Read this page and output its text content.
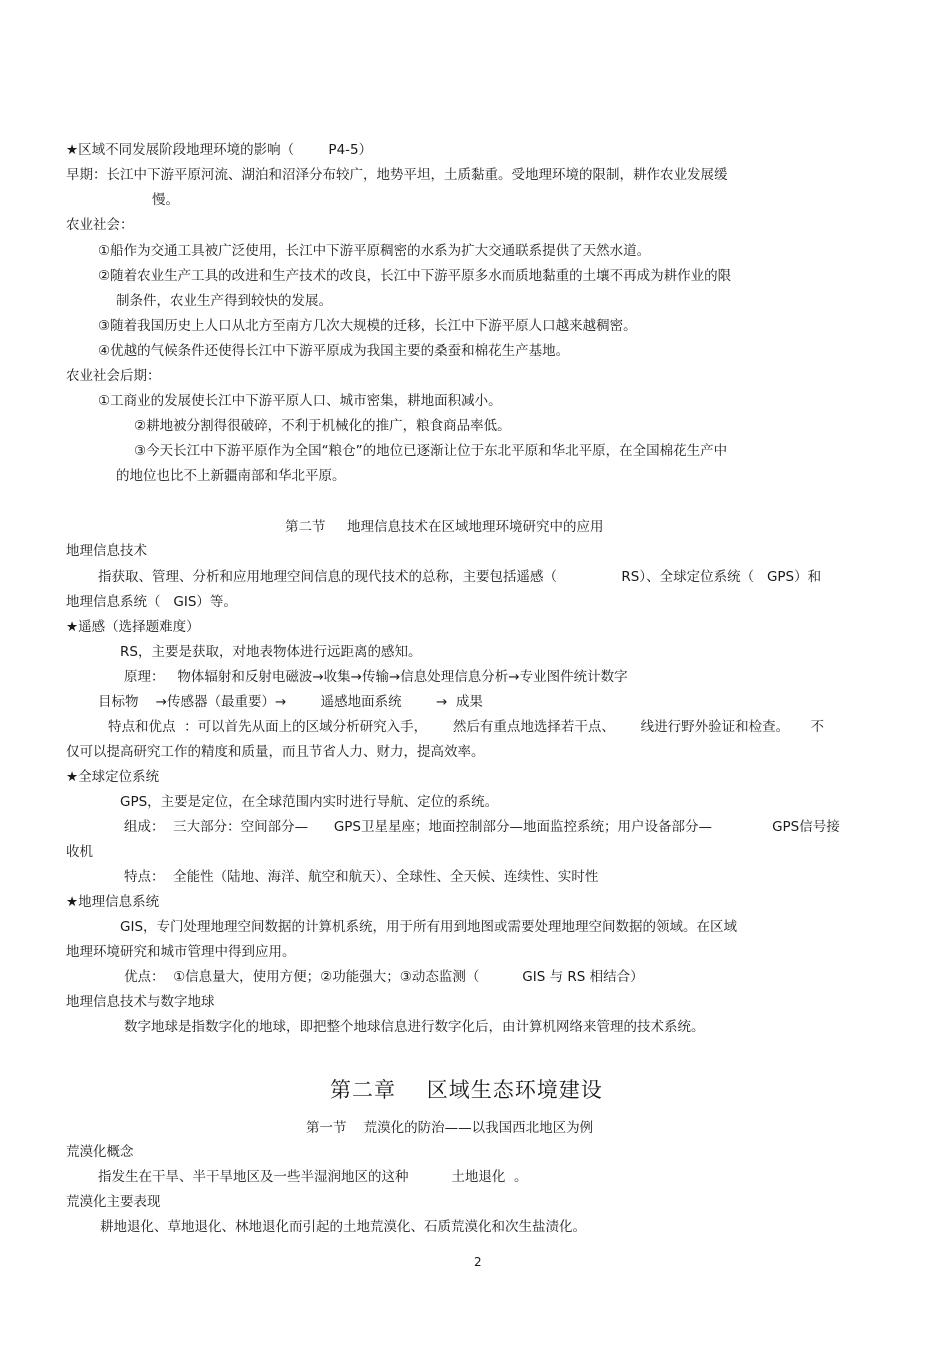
★区域不同发展阶段地理环境的影响（        P4-5）
早期：长江中下游平原河流、湖泊和沼泽分布较广，地势平坦，土质黏重。受地理环境的限制，耕作农业发展缓
慢。
农业社会：
①船作为交通工具被广泛使用，长江中下游平原稠密的水系为扩大交通联系提供了天然水道。
②随着农业生产工具的改进和生产技术的改良，长江中下游平原多水而质地黏重的土壤不再成为耕作业的限
制条件，农业生产得到较快的发展。
③随着我国历史上人口从北方至南方几次大规模的迁移，长江中下游平原人口越来越稠密。
④优越的气候条件还使得长江中下游平原成为我国主要的桑蚕和棉花生产基地。
农业社会后期：
①工商业的发展使长江中下游平原人口、城市密集，耕地面积减小。
②耕地被分割得很破碎，不利于机械化的推广，粮食商品率低。
③今天长江中下游平原作为全国“粮仓”的地位已逐渐让位于东北平原和华北平原，在全国棉花生产中
的地位也比不上新疆南部和华北平原。
第二节     地理信息技术在区域地理环境研究中的应用
地理信息技术
指获取、管理、分析和应用地理空间信息的现代技术的总称，主要包括遥感（               RS）、全球定位系统（   GPS）和
地理信息系统（   GIS）等。
★遥感（选择题难度）
RS，主要是获取，对地表物体进行远距离的感知。
原理：   物体辐射和反射电磁波→收集→传输→信息处理信息分析→专业图件统计数字
目标物    →传感器（最重要）→        遥感地面系统        →  成果
特点和优点  ：可以首先从面上的区域分析研究入手，      然后有重点地选择若干点、      线进行野外验证和检查。     不
仅可以提高研究工作的精度和质量，而且节省人力、财力，提高效率。
★全球定位系统
GPS，主要是定位，在全球范围内实时进行导航、定位的系统。
组成：  三大部分：空间部分—      GPS卫星星座；地面控制部分—地面监控系统；用户设备部分—              GPS信号接
收机
特点：  全能性（陆地、海洋、航空和航天）、全球性、全天候、连续性、实时性
★地理信息系统
GIS，专门处理地理空间数据的计算机系统，用于所有用到地图或需要处理地理空间数据的领域。在区域
地理环境研究和城市管理中得到应用。
优点：  ①信息量大，使用方便；②功能强大；③动态监测（          GIS 与 RS 相结合）
地理信息技术与数字地球
数字地球是指数字化的地球，即把整个地球信息进行数字化后，由计算机网络来管理的技术系统。
第二章    区域生态环境建设
第一节    荒漠化的防治——以我国西北地区为例
荒漠化概念
指发生在干旱、半干旱地区及一些半湿润地区的这种          土地退化  。
荒漠化主要表现
耕地退化、草地退化、林地退化而引起的土地荒漠化、石质荒漠化和次生盐渍化。
2
